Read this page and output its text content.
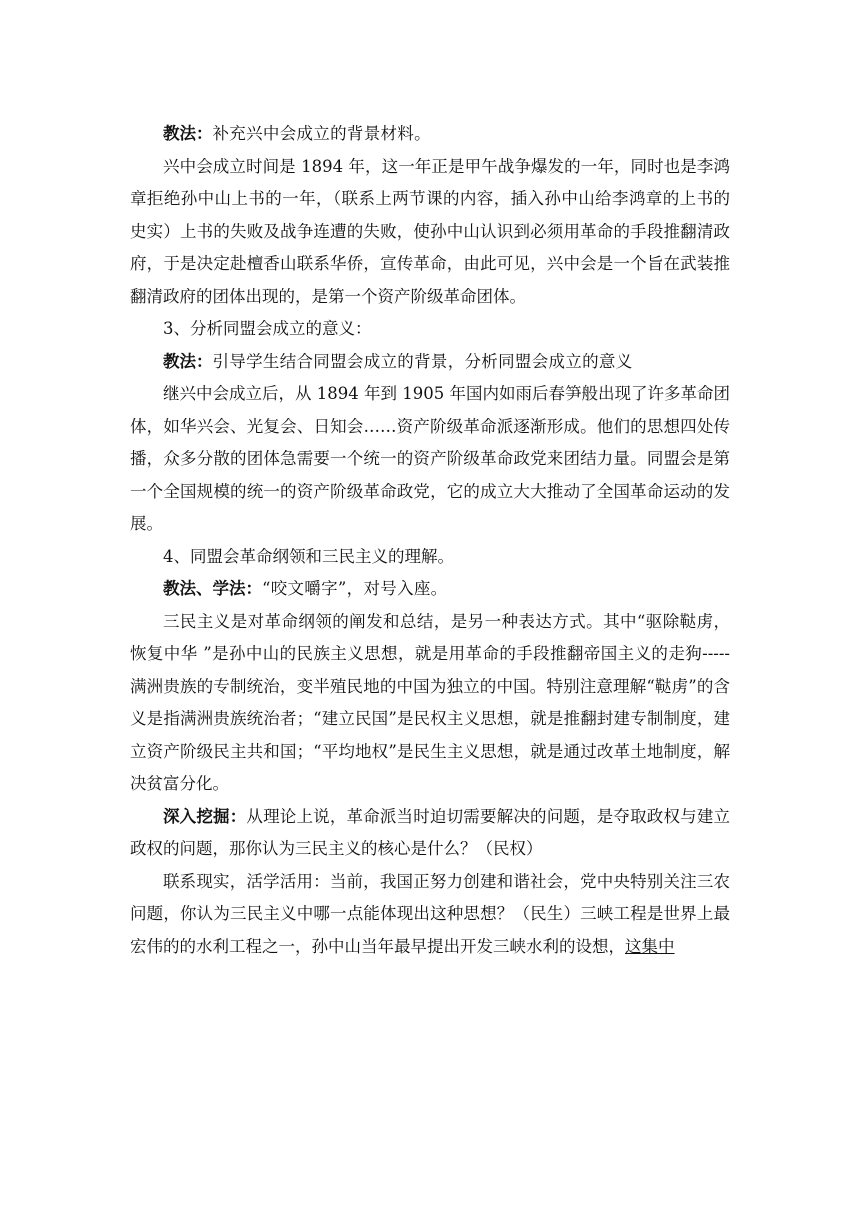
教法：补充兴中会成立的背景材料。

兴中会成立时间是 1894 年，这一年正是甲午战争爆发的一年，同时也是李鸿章拒绝孙中山上书的一年，（联系上两节课的内容，插入孙中山给李鸿章的上书的史实）上书的失败及战争连遭的失败，使孙中山认识到必须用革命的手段推翻清政府，于是决定赴檀香山联系华侨，宣传革命，由此可见，兴中会是一个旨在武装推翻清政府的团体出现的，是第一个资产阶级革命团体。

3、分析同盟会成立的意义：

教法：引导学生结合同盟会成立的背景，分析同盟会成立的意义

继兴中会成立后，从 1894 年到 1905 年国内如雨后春笋般出现了许多革命团体，如华兴会、光复会、日知会……资产阶级革命派逐渐形成。他们的思想四处传播，众多分散的团体急需要一个统一的资产阶级革命政党来团结力量。同盟会是第一个全国规模的统一的资产阶级革命政党，它的成立大大推动了全国革命运动的发展。

4、同盟会革命纲领和三民主义的理解。

教法、学法：“咬文嚼字”，对号入座。

三民主义是对革命纲领的阐发和总结，是另一种表达方式。其中“驱除鞑虏，恢复中华 ”是孙中山的民族主义思想，就是用革命的手段推翻帝国主义的走狗-----满洲贵族的专制统治，变半殖民地的中国为独立的中国。特别注意理解“鞑虏”的含义是指满洲贵族统治者；“建立民国”是民权主义思想，就是推翻封建专制制度，建立资产阶级民主共和国；“平均地权”是民生主义思想，就是通过改革土地制度，解决贫富分化。

深入挖掘：从理论上说，革命派当时迫切需要解决的问题，是夺取政权与建立政权的问题，那你认为三民主义的核心是什么？（民权）

联系现实，活学活用：当前，我国正努力创建和谐社会，党中央特别关注三农问题，你认为三民主义中哪一点能体现出这种思想？（民生）三峡工程是世界上最宏伟的的水利工程之一，孙中山当年最早提出开发三峡水利的设想，这集中
